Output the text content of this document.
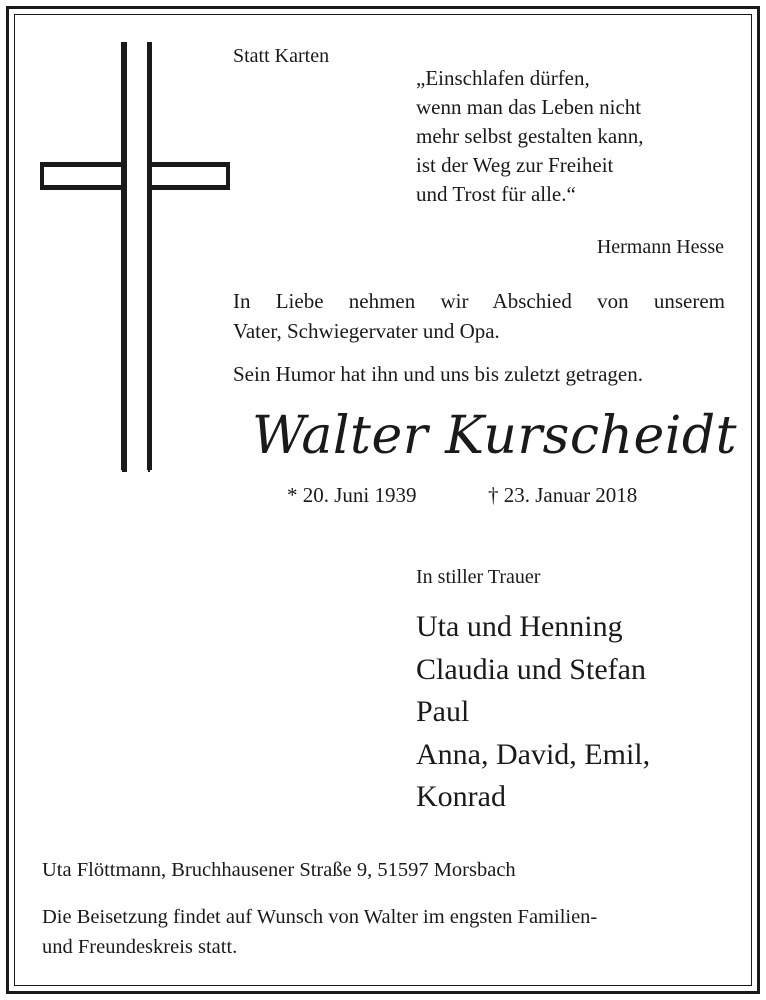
Statt Karten
„Einschlafen dürfen,
wenn man das Leben nicht
mehr selbst gestalten kann,
ist der Weg zur Freiheit
und Trost für alle.“
Hermann Hesse
In Liebe nehmen wir Abschied von unserem
Vater, Schwiegervater und Opa.
Sein Humor hat ihn und uns bis zuletzt getragen.
Walter Kurscheidt
* 20. Juni 1939	† 23. Januar 2018
In stiller Trauer
Uta und Henning
Claudia und Stefan
Paul
Anna, David, Emil,
Konrad
Uta Flöttmann, Bruchhausener Straße 9, 51597 Morsbach
Die Beisetzung findet auf Wunsch von Walter im engsten Familien-
und Freundeskreis statt.
